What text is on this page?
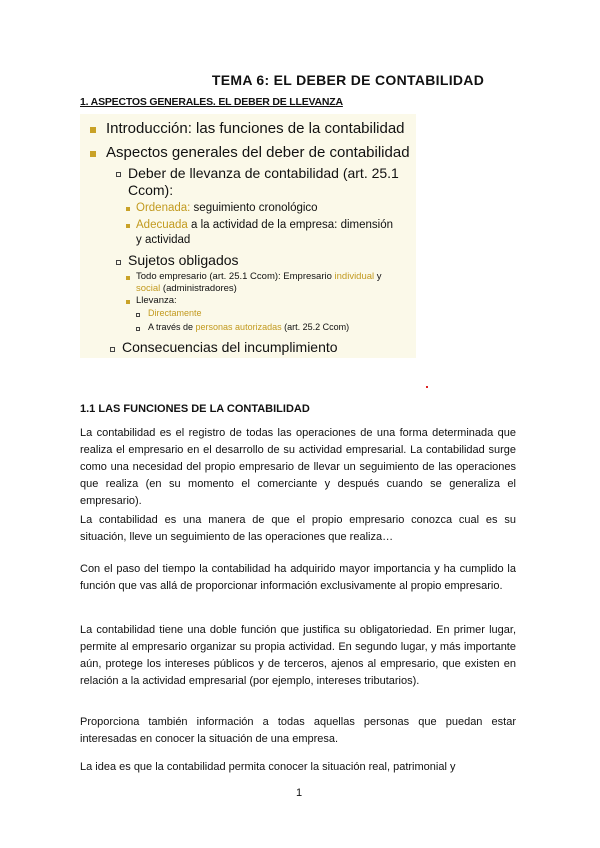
TEMA 6: EL DEBER DE CONTABILIDAD
1. ASPECTOS GENERALES. EL DEBER DE LLEVANZA
Introducción: las funciones de la contabilidad
Aspectos generales del deber de contabilidad
Deber de llevanza de contabilidad (art. 25.1
Ccom):
Ordenada: seguimiento cronológico
Adecuada a la actividad de la empresa: dimensión
y actividad
Sujetos obligados
Todo empresario (art. 25.1 Ccom): Empresario individual y
social (administradores)
Llevanza:
Directamente
A través de personas autorizadas (art. 25.2 Ccom)
Consecuencias del incumplimiento
1.1 LAS FUNCIONES DE LA CONTABILIDAD

La contabilidad es el registro de todas las operaciones de una forma determinada que realiza el empresario en el desarrollo de su actividad empresarial. La contabilidad surge como una necesidad del propio empresario de llevar un seguimiento de las operaciones que realiza (en su momento el comerciante y después cuando se generaliza el empresario).

La contabilidad es una manera de que el propio empresario conozca cual es su situación, lleve un seguimiento de las operaciones que realiza…

Con el paso del tiempo la contabilidad ha adquirido mayor importancia y ha cumplido la función que vas allá de proporcionar información exclusivamente al propio empresario.

La contabilidad tiene una doble función que justifica su obligatoriedad. En primer lugar, permite al empresario organizar su propia actividad. En segundo lugar, y más importante aún, protege los intereses públicos y de terceros, ajenos al empresario, que existen en relación a la actividad empresarial (por ejemplo, intereses tributarios).

Proporciona también información a todas aquellas personas que puedan estar interesadas en conocer la situación de una empresa.

La idea es que la contabilidad permita conocer la situación real, patrimonial y

1
